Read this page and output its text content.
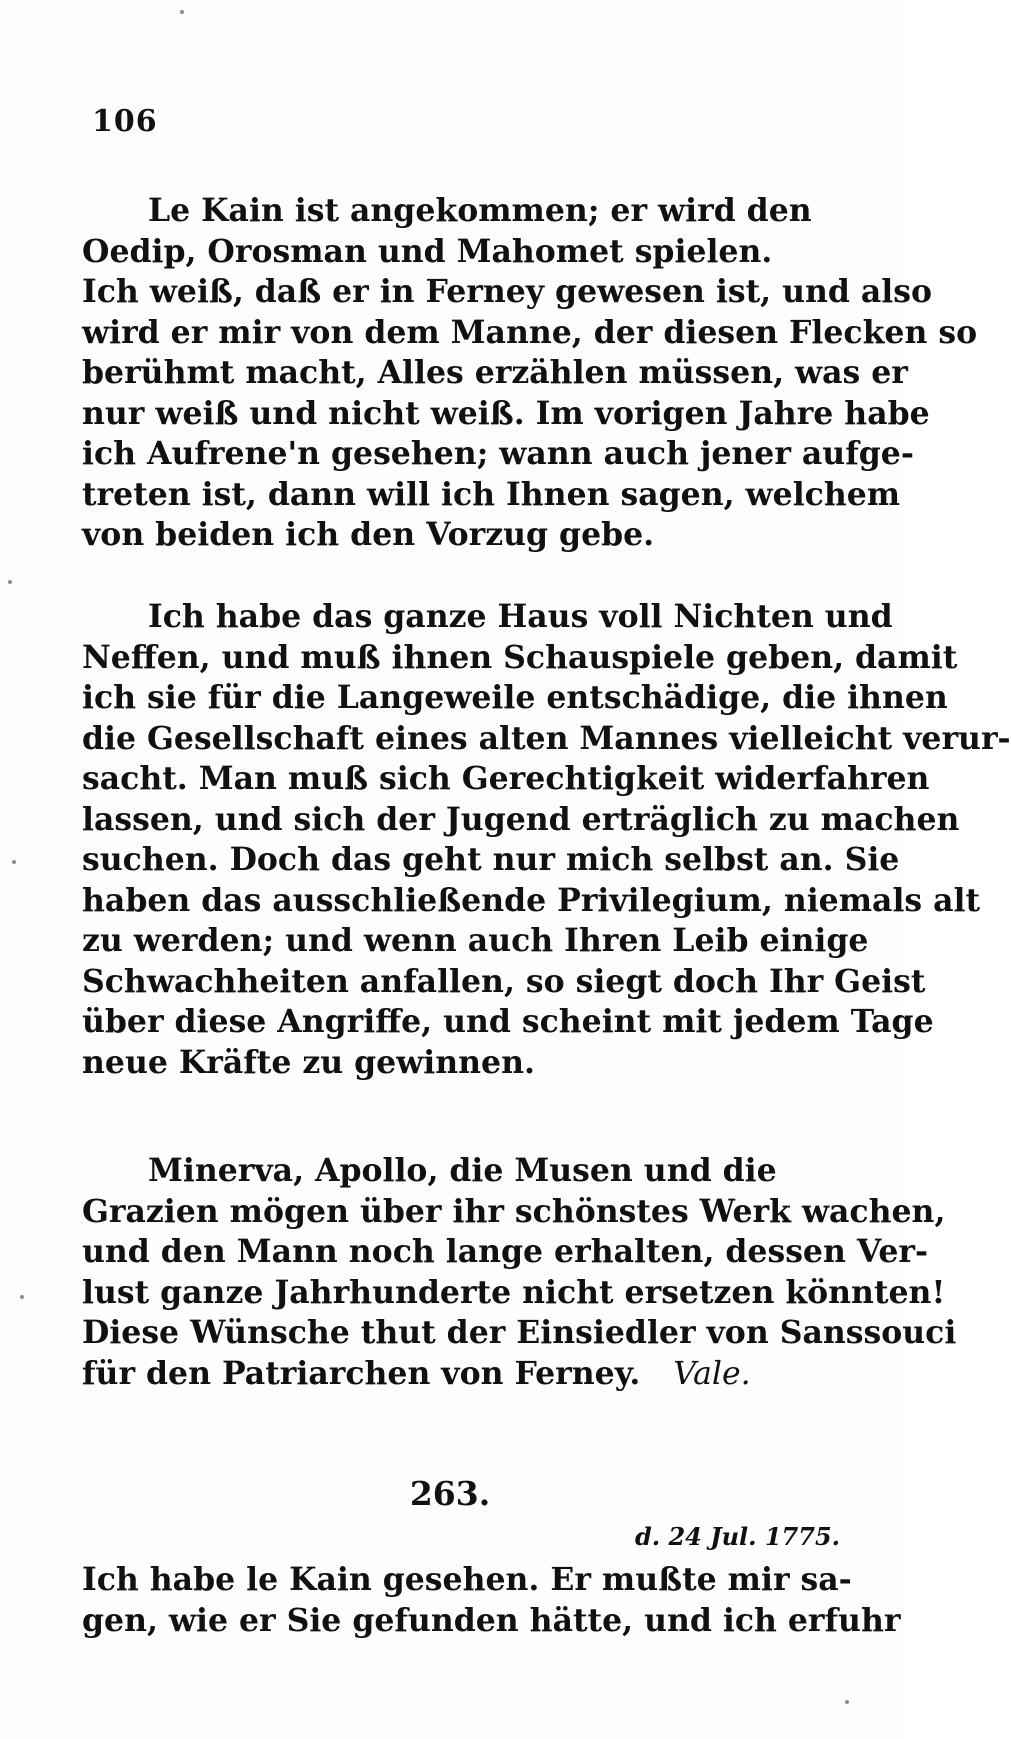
106
Le Kain ist angekommen; er wird den
Oedip, Orosman und Mahomet spielen.
Ich weiß, daß er in Ferney gewesen ist, und also
wird er mir von dem Manne, der diesen Flecken so
berühmt macht, Alles erzählen müssen, was er
nur weiß und nicht weiß. Im vorigen Jahre habe
ich Aufrene'n gesehen; wann auch jener aufge-
treten ist, dann will ich Ihnen sagen, welchem
von beiden ich den Vorzug gebe.
Ich habe das ganze Haus voll Nichten und
Neffen, und muß ihnen Schauspiele geben, damit
ich sie für die Langeweile entschädige, die ihnen
die Gesellschaft eines alten Mannes vielleicht verur-
sacht. Man muß sich Gerechtigkeit widerfahren
lassen, und sich der Jugend erträglich zu machen
suchen. Doch das geht nur mich selbst an. Sie
haben das ausschließende Privilegium, niemals alt
zu werden; und wenn auch Ihren Leib einige
Schwachheiten anfallen, so siegt doch Ihr Geist
über diese Angriffe, und scheint mit jedem Tage
neue Kräfte zu gewinnen.
Minerva, Apollo, die Musen und die
Grazien mögen über ihr schönstes Werk wachen,
und den Mann noch lange erhalten, dessen Ver-
lust ganze Jahrhunderte nicht ersetzen könnten!
Diese Wünsche thut der Einsiedler von Sanssouci
für den Patriarchen von Ferney. Vale.
263.
d. 24 Jul. 1775.
Ich habe le Kain gesehen. Er mußte mir sa-
gen, wie er Sie gefunden hätte, und ich erfuhr
